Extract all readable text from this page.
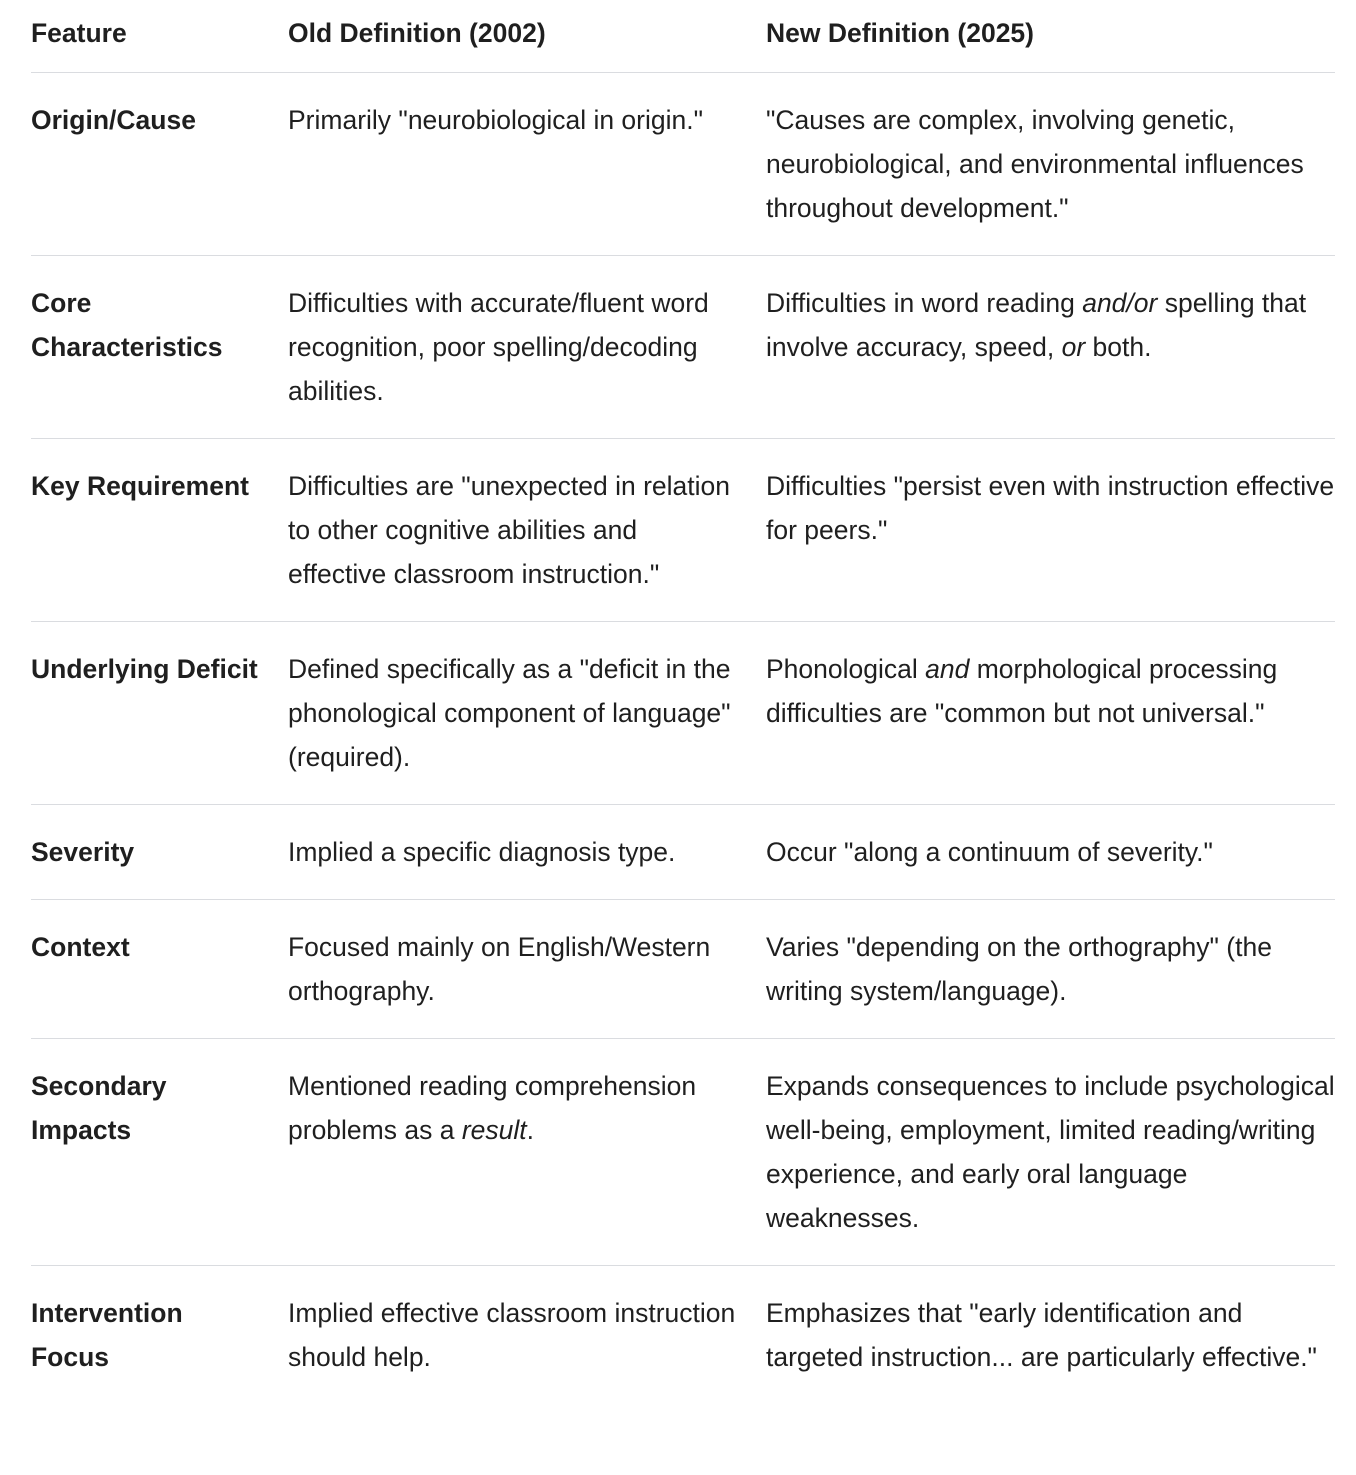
Feature	Old Definition (2002)	New Definition (2025)
Origin/Cause	Primarily "neurobiological in origin."	"Causes are complex, involving genetic, neurobiological, and environmental influences throughout development."
Core Characteristics	Difficulties with accurate/fluent word recognition, poor spelling/decoding abilities.	Difficulties in word reading and/or spelling that involve accuracy, speed, or both.
Key Requirement	Difficulties are "unexpected in relation to other cognitive abilities and effective classroom instruction."	Difficulties "persist even with instruction effective for peers."
Underlying Deficit	Defined specifically as a "deficit in the phonological component of language" (required).	Phonological and morphological processing difficulties are "common but not universal."
Severity	Implied a specific diagnosis type.	Occur "along a continuum of severity."
Context	Focused mainly on English/Western orthography.	Varies "depending on the orthography" (the writing system/language).
Secondary Impacts	Mentioned reading comprehension problems as a result.	Expands consequences to include psychological well-being, employment, limited reading/writing experience, and early oral language weaknesses.
Intervention Focus	Implied effective classroom instruction should help.	Emphasizes that "early identification and targeted instruction... are particularly effective."
